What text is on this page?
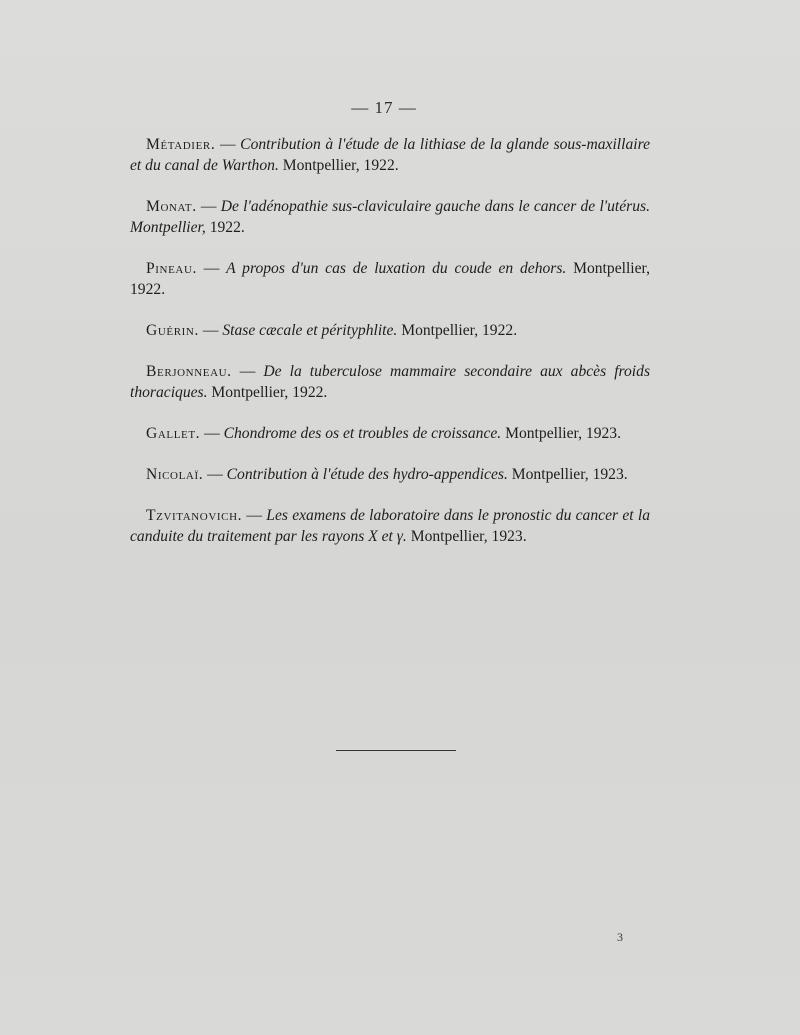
— 17 —

Métadier. — Contribution à l'étude de la lithiase de la glande sous-maxillaire et du canal de Warthon. Montpellier, 1922.

Monat. — De l'adénopathie sus-claviculaire gauche dans le cancer de l'utérus. Montpellier, 1922.

Pineau. — A propos d'un cas de luxation du coude en dehors. Montpellier, 1922.

Guérin. — Stase cæcale et pérityphlite. Montpellier, 1922.

Berjonneau. — De la tuberculose mammaire secondaire aux abcès froids thoraciques. Montpellier, 1922.

Gallet. — Chondrome des os et troubles de croissance. Montpellier, 1923.

Nicolaï. — Contribution à l'étude des hydro-appendices. Montpellier, 1923.

Tzvitanovich. — Les examens de laboratoire dans le pronostic du cancer et la canduite du traitement par les rayons X et γ. Montpellier, 1923.

3
